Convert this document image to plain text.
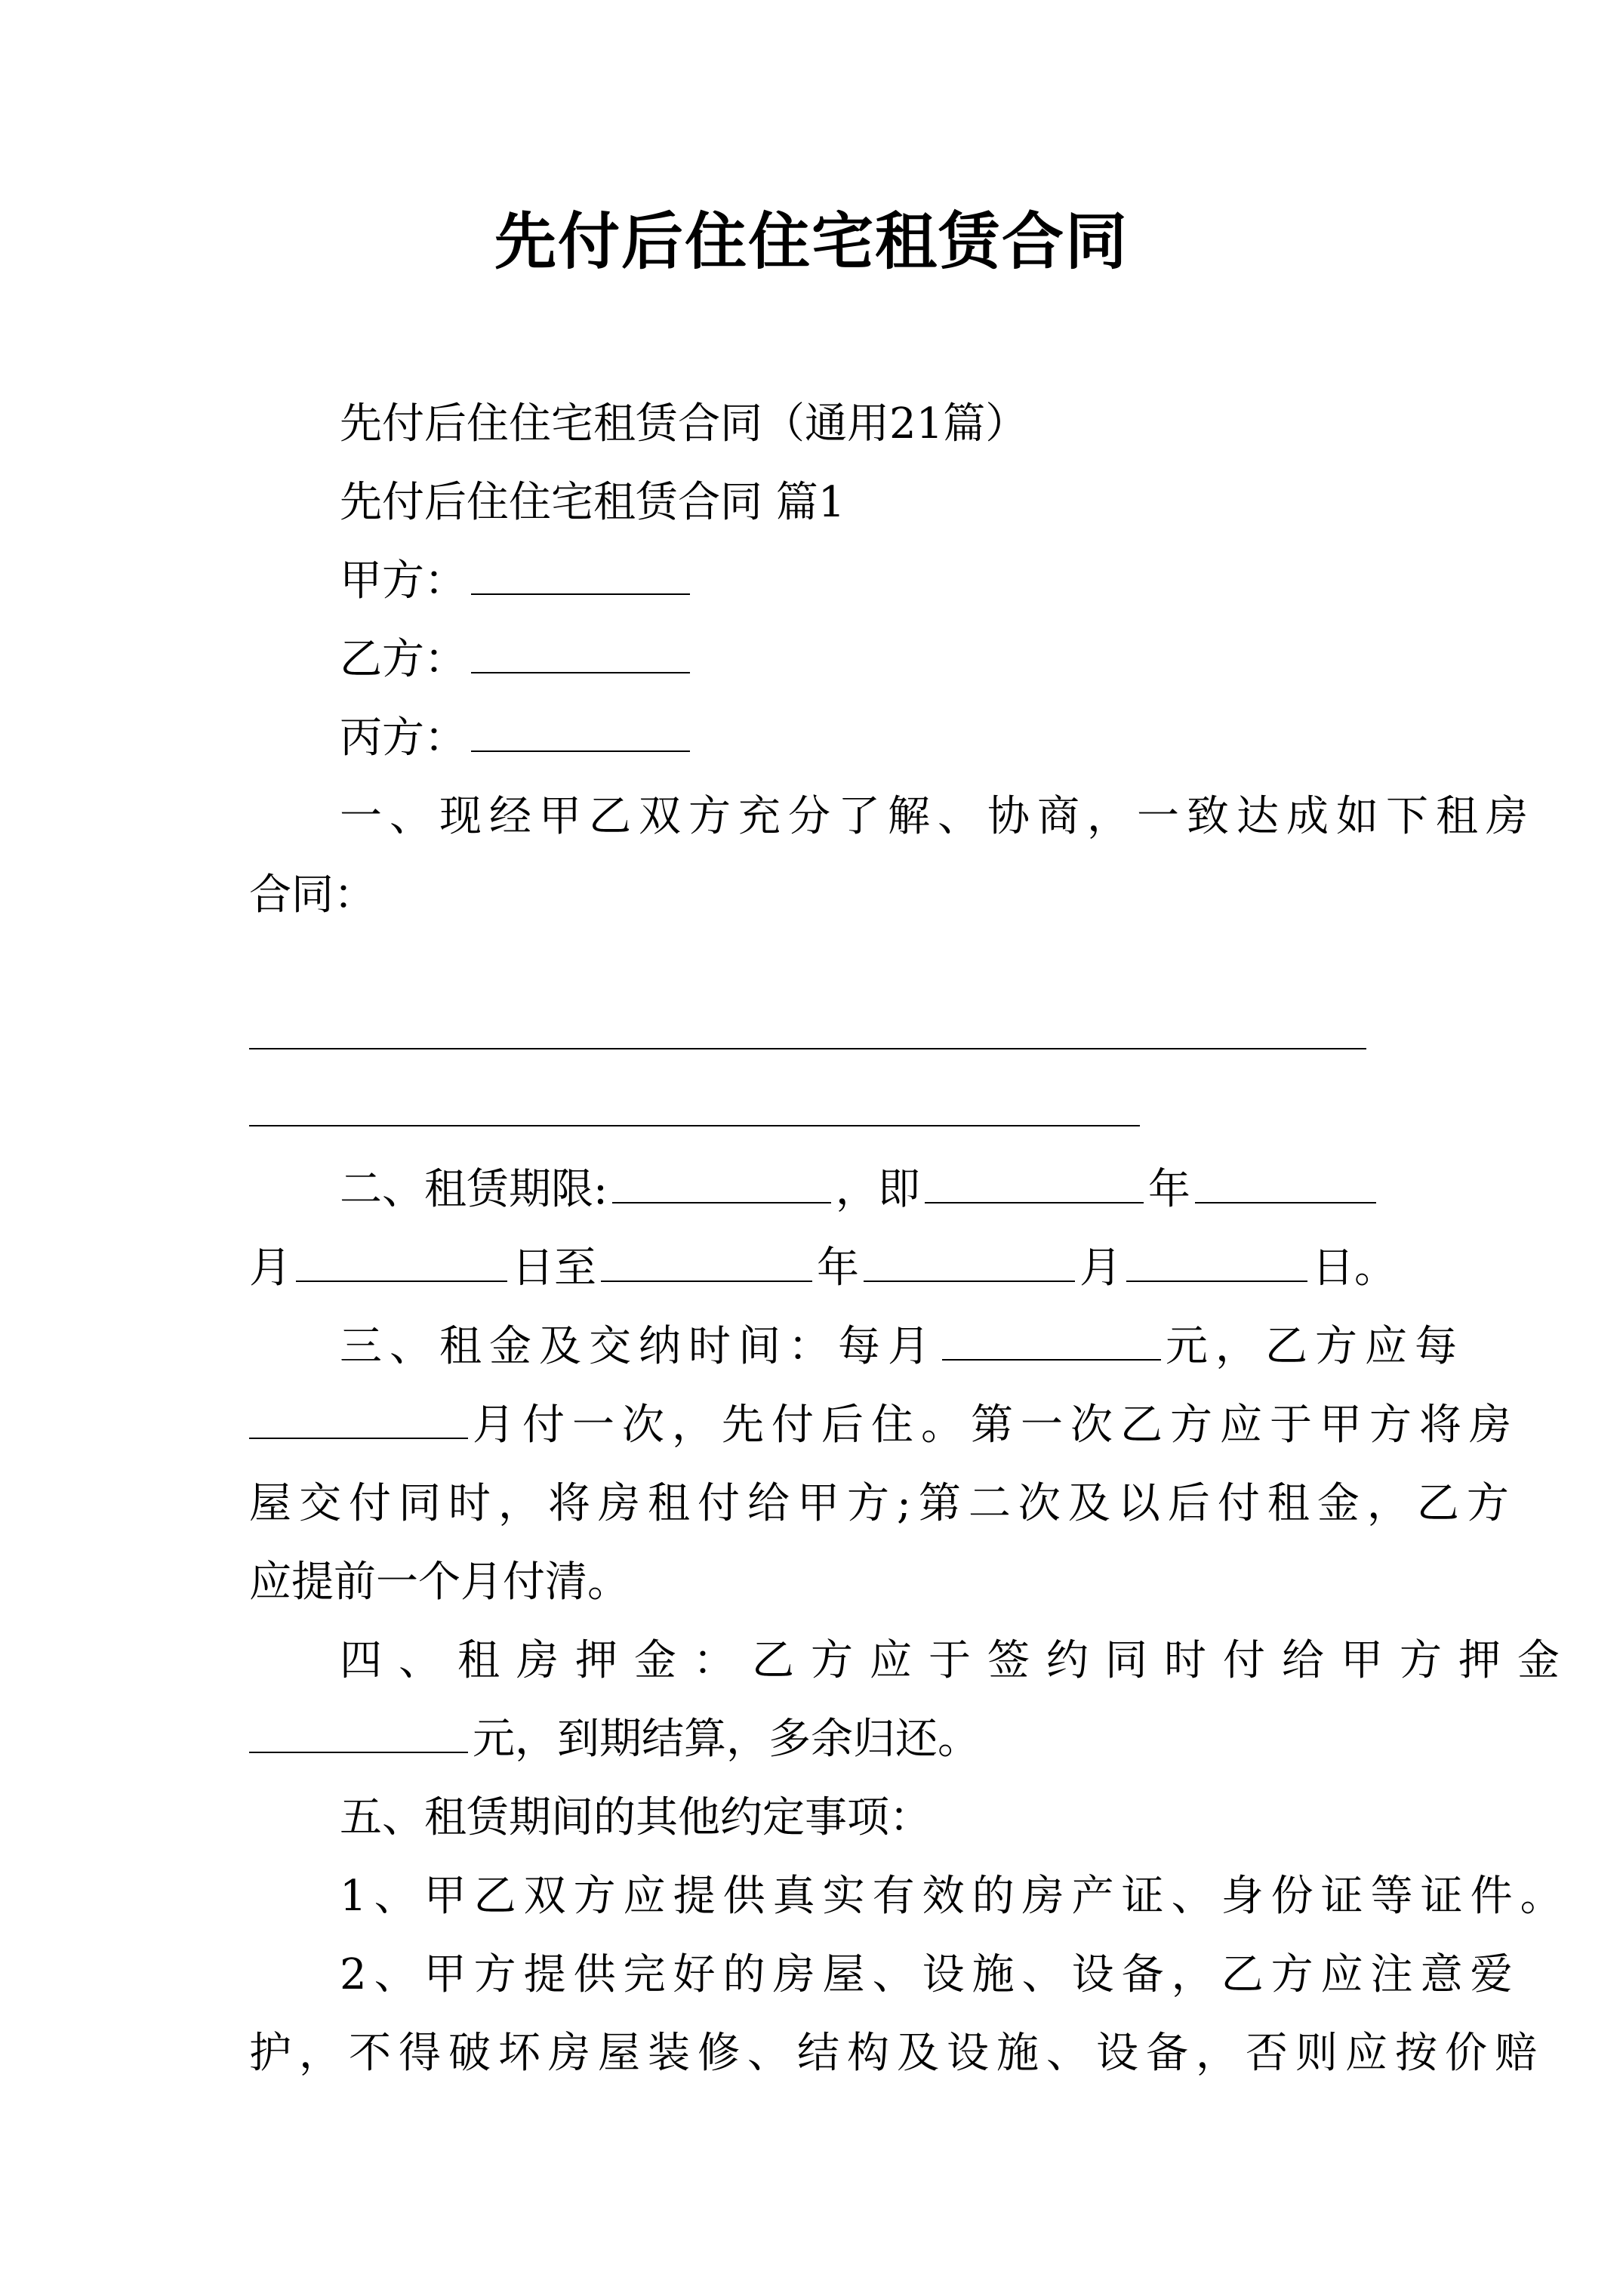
先付后住住宅租赁合同
先付后住住宅租赁合同（通用21篇）
先付后住住宅租赁合同 篇1
甲方：
乙方：
丙方：
一、现经甲乙双方充分了解、协商，一致达成如下租房
合同：
二、租赁期限:	，即	年
月	日至	年	月	日。
三、租金及交纳时间：每月	元，乙方应每
月付一次，先付后住。第一次乙方应于甲方将房
屋交付同时，将房租付给甲方;第二次及以后付租金，乙方
应提前一个月付清。
四、租房押金：乙方应于签约同时付给甲方押金
元，到期结算，多余归还。
五、租赁期间的其他约定事项：
1、甲乙双方应提供真实有效的房产证、身份证等证件。
2、甲方提供完好的房屋、设施、设备，乙方应注意爱
护，不得破坏房屋装修、结构及设施、设备，否则应按价赔
